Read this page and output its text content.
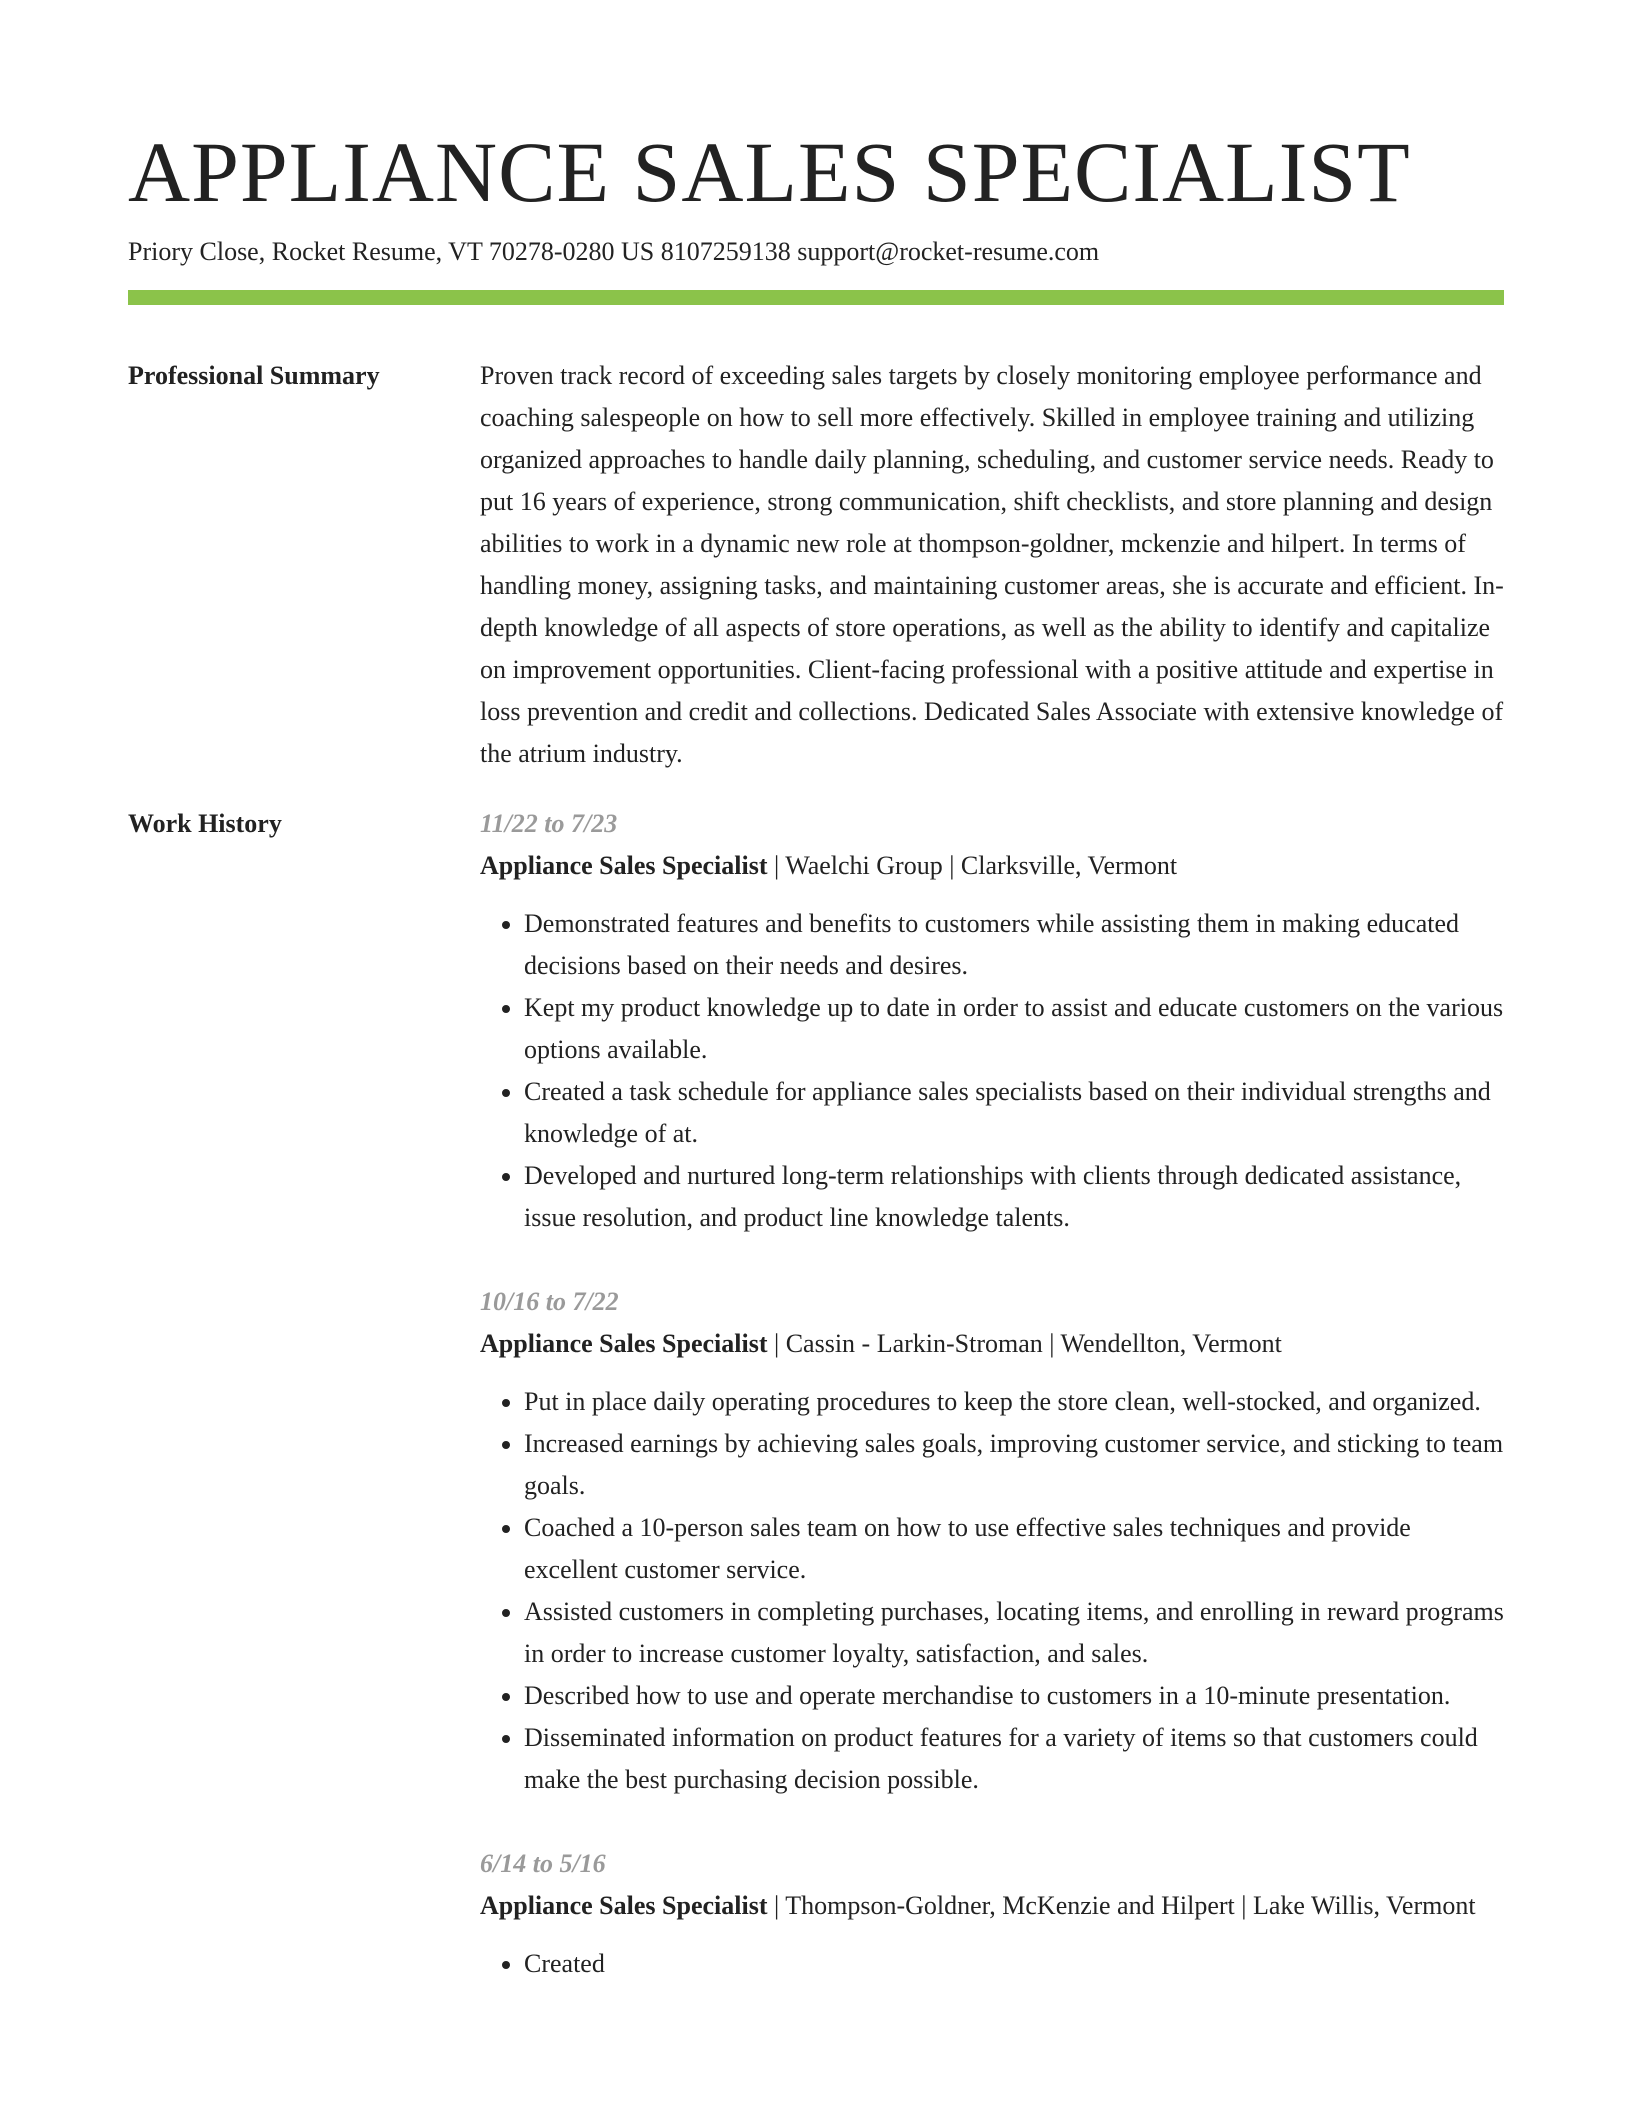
APPLIANCE SALES SPECIALIST
Priory Close, Rocket Resume, VT 70278-0280 US 8107259138 support@rocket-resume.com
Professional Summary	Proven track record of exceeding sales targets by closely monitoring employee performance and coaching salespeople on how to sell more effectively. Skilled in employee training and utilizing organized approaches to handle daily planning, scheduling, and customer service needs. Ready to put 16 years of experience, strong communication, shift checklists, and store planning and design abilities to work in a dynamic new role at thompson-goldner, mckenzie and hilpert. In terms of handling money, assigning tasks, and maintaining customer areas, she is accurate and efficient. In-depth knowledge of all aspects of store operations, as well as the ability to identify and capitalize on improvement opportunities. Client-facing professional with a positive attitude and expertise in loss prevention and credit and collections. Dedicated Sales Associate with extensive knowledge of the atrium industry.

Work History	11/22 to 7/23
Appliance Sales Specialist | Waelchi Group | Clarksville, Vermont
• Demonstrated features and benefits to customers while assisting them in making educated decisions based on their needs and desires.
• Kept my product knowledge up to date in order to assist and educate customers on the various options available.
• Created a task schedule for appliance sales specialists based on their individual strengths and knowledge of at.
• Developed and nurtured long-term relationships with clients through dedicated assistance, issue resolution, and product line knowledge talents.
10/16 to 7/22
Appliance Sales Specialist | Cassin - Larkin-Stroman | Wendellton, Vermont
• Put in place daily operating procedures to keep the store clean, well-stocked, and organized.
• Increased earnings by achieving sales goals, improving customer service, and sticking to team goals.
• Coached a 10-person sales team on how to use effective sales techniques and provide excellent customer service.
• Assisted customers in completing purchases, locating items, and enrolling in reward programs in order to increase customer loyalty, satisfaction, and sales.
• Described how to use and operate merchandise to customers in a 10-minute presentation.
• Disseminated information on product features for a variety of items so that customers could make the best purchasing decision possible.
6/14 to 5/16
Appliance Sales Specialist | Thompson-Goldner, McKenzie and Hilpert | Lake Willis, Vermont
• Created
